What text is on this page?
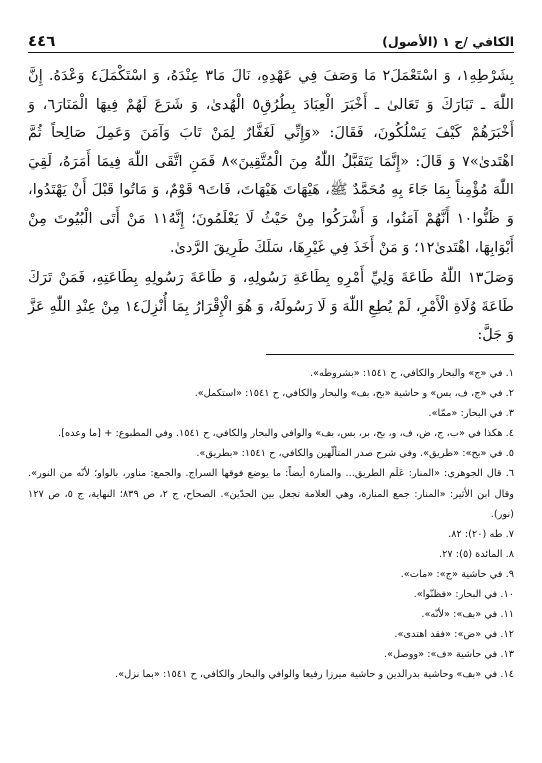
الكافي /ج ١ (الأصول)
٤٤٦

بِشَرْطِهِ١، وَ اسْتَعْمَلَ٢ مَا وَصَفَ فِي عَهْدِهِ، نَالَ مَا٣ عِنْدَهُ، وَ اسْتَكْمَلَ٤ وَعْدَهُ. إِنَّ اللّٰهَ ـ تَبَارَكَ وَ تَعَالىٰ ـ أَخْبَرَ الْعِبَادَ بِطُرُقِ٥ الْهُدىٰ، وَ شَرَعَ لَهُمْ فِيهَا الْمَنَارَ٦، وَ أَخْبَرَهُمْ كَيْفَ يَسْلُكُونَ، فَقَالَ: «وَإِنِّي لَغَفَّارٌ لِمَنْ تَابَ وَآمَنَ وَعَمِلَ صَالِحاً ثُمَّ اهْتَدىٰ»٧ وَ قَالَ: «إِنَّمَا يَتَقَبَّلُ اللّٰهُ مِنَ الْمُتَّقِينَ»٨ فَمَنِ اتَّقَى اللّٰهَ فِيمَا أَمَرَهُ، لَقِيَ اللّٰهَ مُؤْمِناً بِمَا جَاءَ بِهِ مُحَمَّدٌ ﷺ، هَيْهَاتَ هَيْهَاتَ، فَاتَ٩ قَوْمٌ، وَ مَاتُوا قَبْلَ أَنْ يَهْتَدُوا، وَ ظَنُّوا١٠ أَنَّهُمْ آمَنُوا، وَ أَشْرَكُوا مِنْ حَيْثُ لَا يَعْلَمُونَ؛ إِنَّهُ١١ مَنْ أَتَى الْبُيُوتَ مِنْ أَبْوَابِهَا، اهْتَدىٰ١٢؛ وَ مَنْ أَخَذَ فِي غَيْرِهَا، سَلَكَ طَرِيقَ الرَّدىٰ.

وَصَلَ١٣ اللّٰهُ طَاعَةَ وَلِيِّ أَمْرِهِ بِطَاعَةِ رَسُولِهِ، وَ طَاعَةَ رَسُولِهِ بِطَاعَتِهِ، فَمَنْ تَرَكَ طَاعَةَ وُلَاةِ الْأَمْرِ، لَمْ يُطِعِ اللّٰهَ وَ لَا رَسُولَهُ، وَ هُوَ الْإِقْرَارُ بِمَا أُنْزِلَ١٤ مِنْ عِنْدِ اللّٰهِ عَزَّ وَ جَلَّ:

١. في «ج» والبحار والكافي، ح ١٥٤١: «بشروطه».

٢. في «ج، ف، بس» و حاشية «بح، بف» والبحار والكافي، ح ١٥٤١: «استكمل».

٣. في البحار: «ممّا».

٤. هكذا في «ب، ج، ض، ف، و، بح، بر، بس، بف» والوافي والبحار والكافي، ح ١٥٤١. وفي المطبوع: + [ما وعده].

٥. في «بح»: «طريق». وفي شرح صدر المتألّهين والكافي، ح ١٥٤١: «بطريق».

٦. قال الجوهري: «المنار: عَلَم الطريق... والمنارة أيضاً: ما يوضع فوقها السراج. والجمع: مناور، بالواو؛ لأنّه من النور». وقال ابن الأثير: «المنار: جمع المنارة، وهي العلامة تجعل بين الحدّين». الصحاح، ج ٢، ص ٨٣٩؛ النهاية، ج ٥، ص ١٢٧ (نور).

٧. طه (٢٠): ٨٢.

٨. المائدة (٥): ٢٧.

٩. في حاشية «ج»: «مات».

١٠. في البحار: «فظنّوا».

١١. في «بف»: «لأنّه».

١٢. في «ض»: «فقد اهتدى».

١٣. في حاشية «ف»: «ووصل».

١٤. في «بف» وحاشية بدرالدين و حاشية ميرزا رفيعا والوافي والبحار والكافي، ح ١٥٤١: «بما نزل».
